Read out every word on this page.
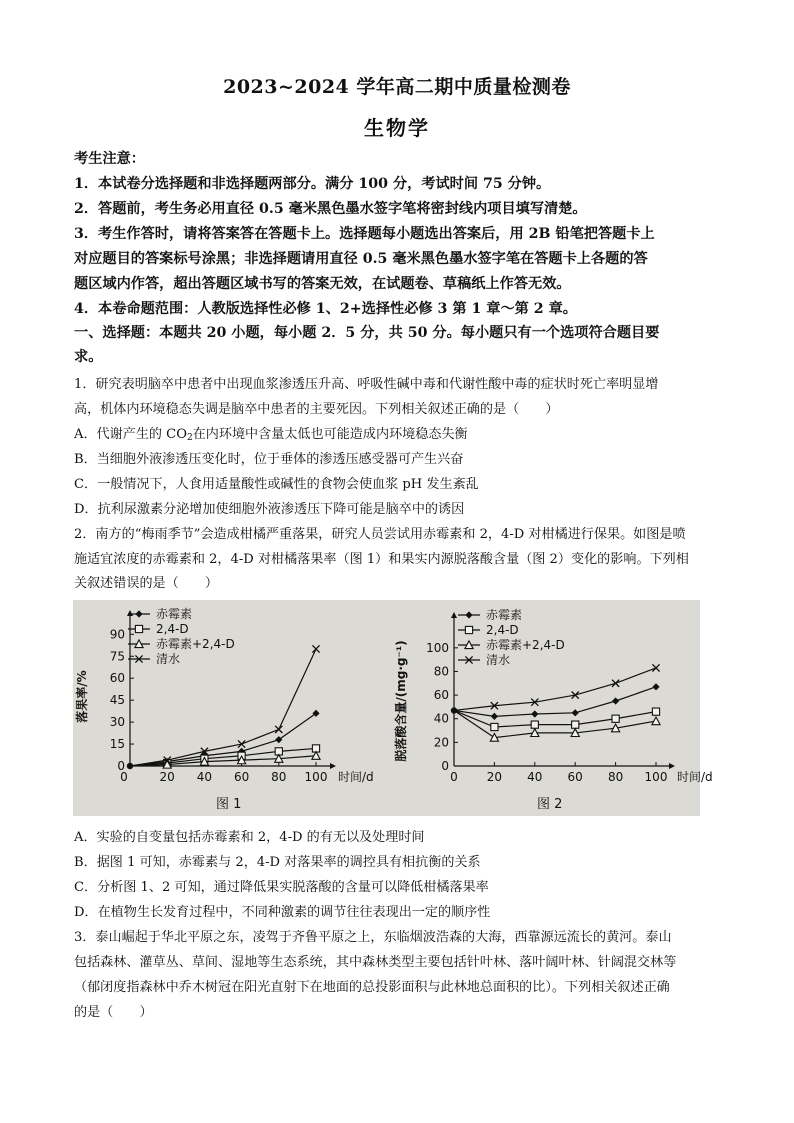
2023~2024 学年高二期中质量检测卷
生物学
考生注意：
1．本试卷分选择题和非选择题两部分。满分 100 分，考试时间 75 分钟。
2．答题前，考生务必用直径 0.5 毫米黑色墨水签字笔将密封线内项目填写清楚。
3．考生作答时，请将答案答在答题卡上。选择题每小题选出答案后，用 2B 铅笔把答题卡上
对应题目的答案标号涂黑；非选择题请用直径 0.5 毫米黑色墨水签字笔在答题卡上各题的答
题区域内作答，超出答题区域书写的答案无效，在试题卷、草稿纸上作答无效。
4．本卷命题范围：人教版选择性必修 1、2+选择性必修 3 第 1 章～第 2 章。
一、选择题：本题共 20 小题，每小题 2．5 分，共 50 分。每小题只有一个选项符合题目要
求。
1．研究表明脑卒中患者中出现血浆渗透压升高、呼吸性碱中毒和代谢性酸中毒的症状时死亡率明显增
高，机体内环境稳态失调是脑卒中患者的主要死因。下列相关叙述正确的是（　　）
A．代谢产生的 $CO_2$在内环境中含量太低也可能造成内环境稳态失衡
B．当细胞外液渗透压变化时，位于垂体的渗透压感受器可产生兴奋
C．一般情况下，人食用适量酸性或碱性的食物会使血浆 pH 发生紊乱
D．抗利尿激素分泌增加使细胞外液渗透压下降可能是脑卒中的诱因
2．南方的“梅雨季节”会造成柑橘严重落果，研究人员尝试用赤霉素和 2，4-D 对柑橘进行保果。如图是喷
施适宜浓度的赤霉素和 2，4-D 对柑橘落果率（图 1）和果实内源脱落酸含量（图 2）变化的影响。下列相
关叙述错误的是（　　）
0
15
30
45
60
75
90
0	20 40 60 80 100 时间/d
落果率/%
赤霉素
2,4-D
赤霉素+2,4-D
清水
图 1
0
20
40
60
80
100
0 20 40 60 80 100 时间/d
脱落酸含量/(mg·g⁻¹)
赤霉素
2,4-D
赤霉素+2,4-D
清水
图 2
A．实验的自变量包括赤霉素和 2，4-D 的有无以及处理时间
B．据图 1 可知，赤霉素与 2，4-D 对落果率的调控具有相抗衡的关系
C．分析图 1、2 可知，通过降低果实脱落酸的含量可以降低柑橘落果率
D．在植物生长发育过程中，不同种激素的调节往往表现出一定的顺序性
3．泰山崛起于华北平原之东，凌驾于齐鲁平原之上，东临烟波浩森的大海，西靠源远流长的黄河。泰山
包括森林、灌草丛、草间、湿地等生态系统，其中森林类型主要包括针叶林、落叶阔叶林、针阔混交林等
（郁闭度指森林中乔木树冠在阳光直射下在地面的总投影面积与此林地总面积的比）。下列相关叙述正确
的是（　　）
